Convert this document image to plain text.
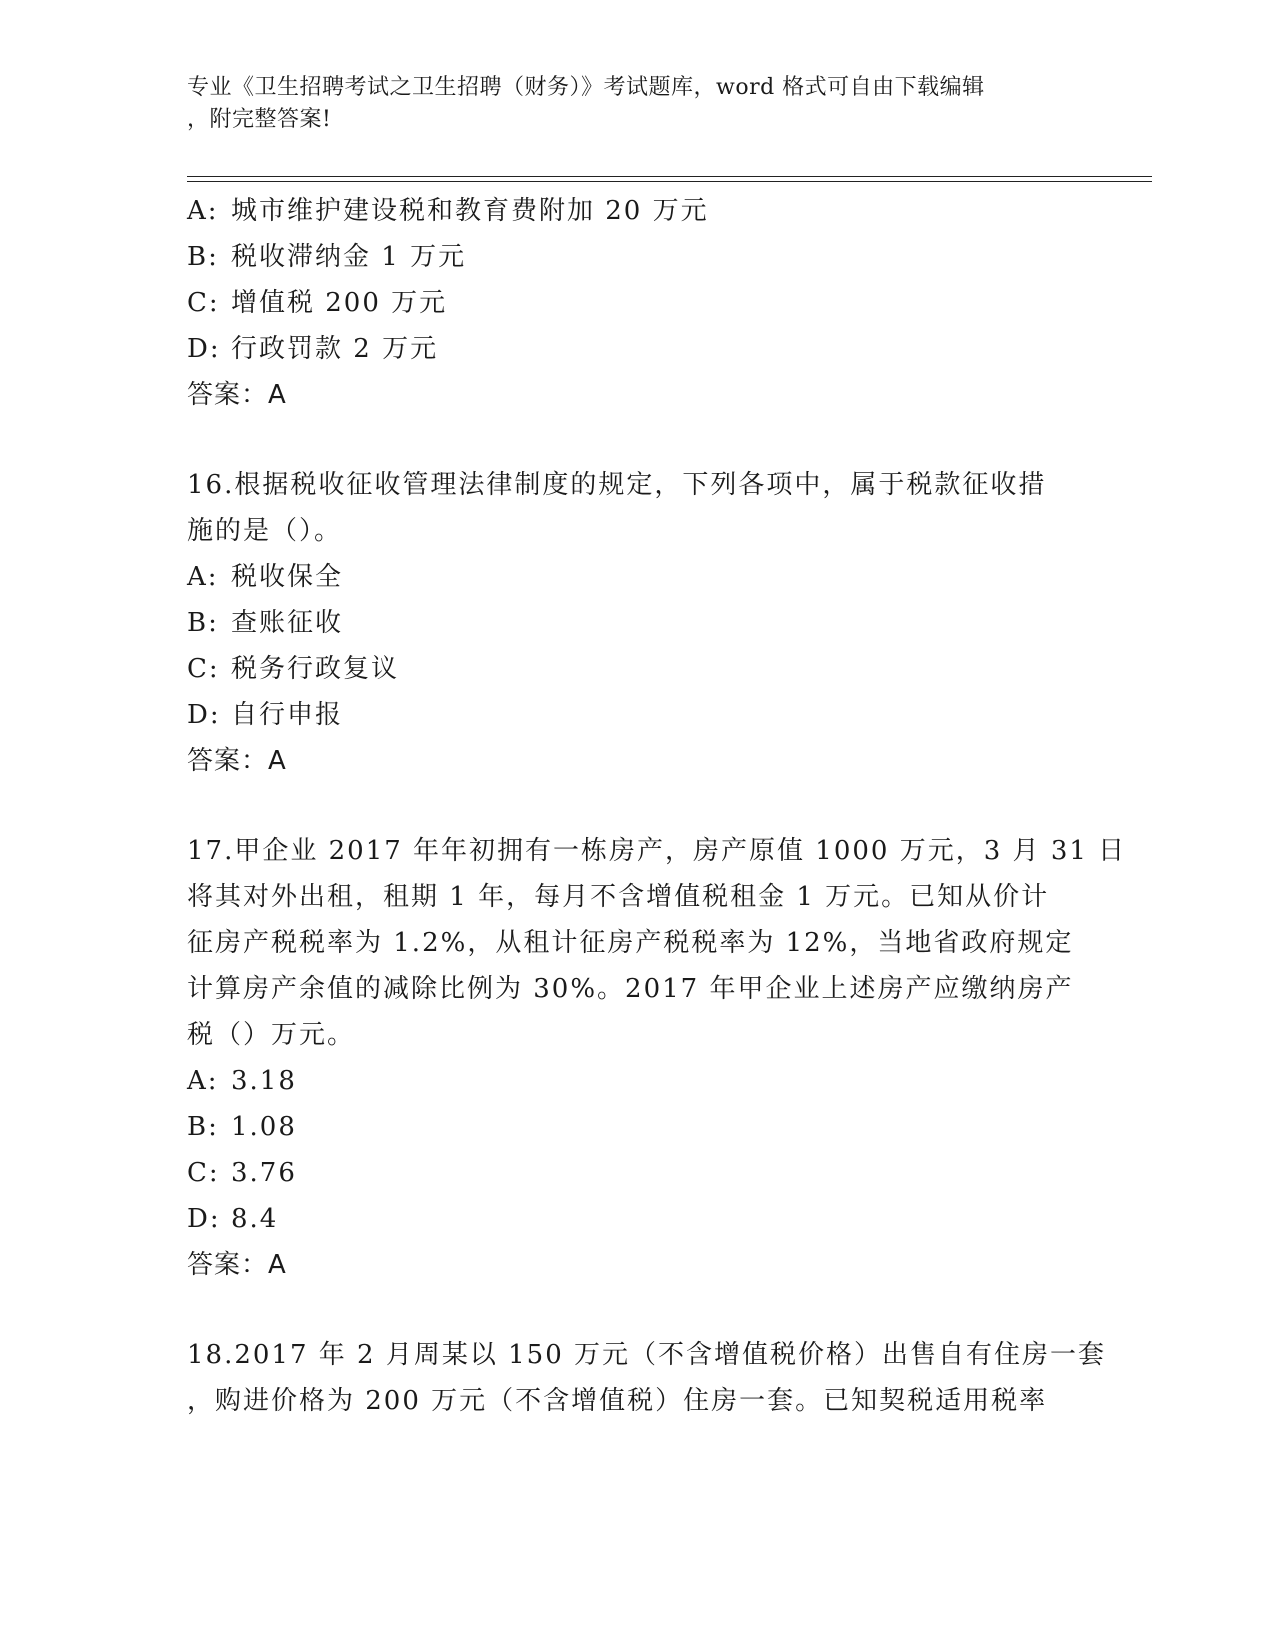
专业《卫生招聘考试之卫生招聘（财务）》考试题库，word 格式可自由下载编辑
，附完整答案!
A: 城市维护建设税和教育费附加 20 万元
B: 税收滞纳金 1 万元
C: 增值税 200 万元
D: 行政罚款 2 万元
答案：A
16.根据税收征收管理法律制度的规定，下列各项中，属于税款征收措
施的是（）。
A: 税收保全
B: 查账征收
C: 税务行政复议
D: 自行申报
答案：A
17.甲企业 2017 年年初拥有一栋房产，房产原值 1000 万元，3 月 31 日
将其对外出租，租期 1 年，每月不含增值税租金 1 万元。已知从价计
征房产税税率为 1.2%，从租计征房产税税率为 12%，当地省政府规定
计算房产余值的减除比例为 30%。2017 年甲企业上述房产应缴纳房产
税（）万元。
A: 3.18
B: 1.08
C: 3.76
D: 8.4
答案：A
18.2017 年 2 月周某以 150 万元（不含增值税价格）出售自有住房一套
，购进价格为 200 万元（不含增值税）住房一套。已知契税适用税率
